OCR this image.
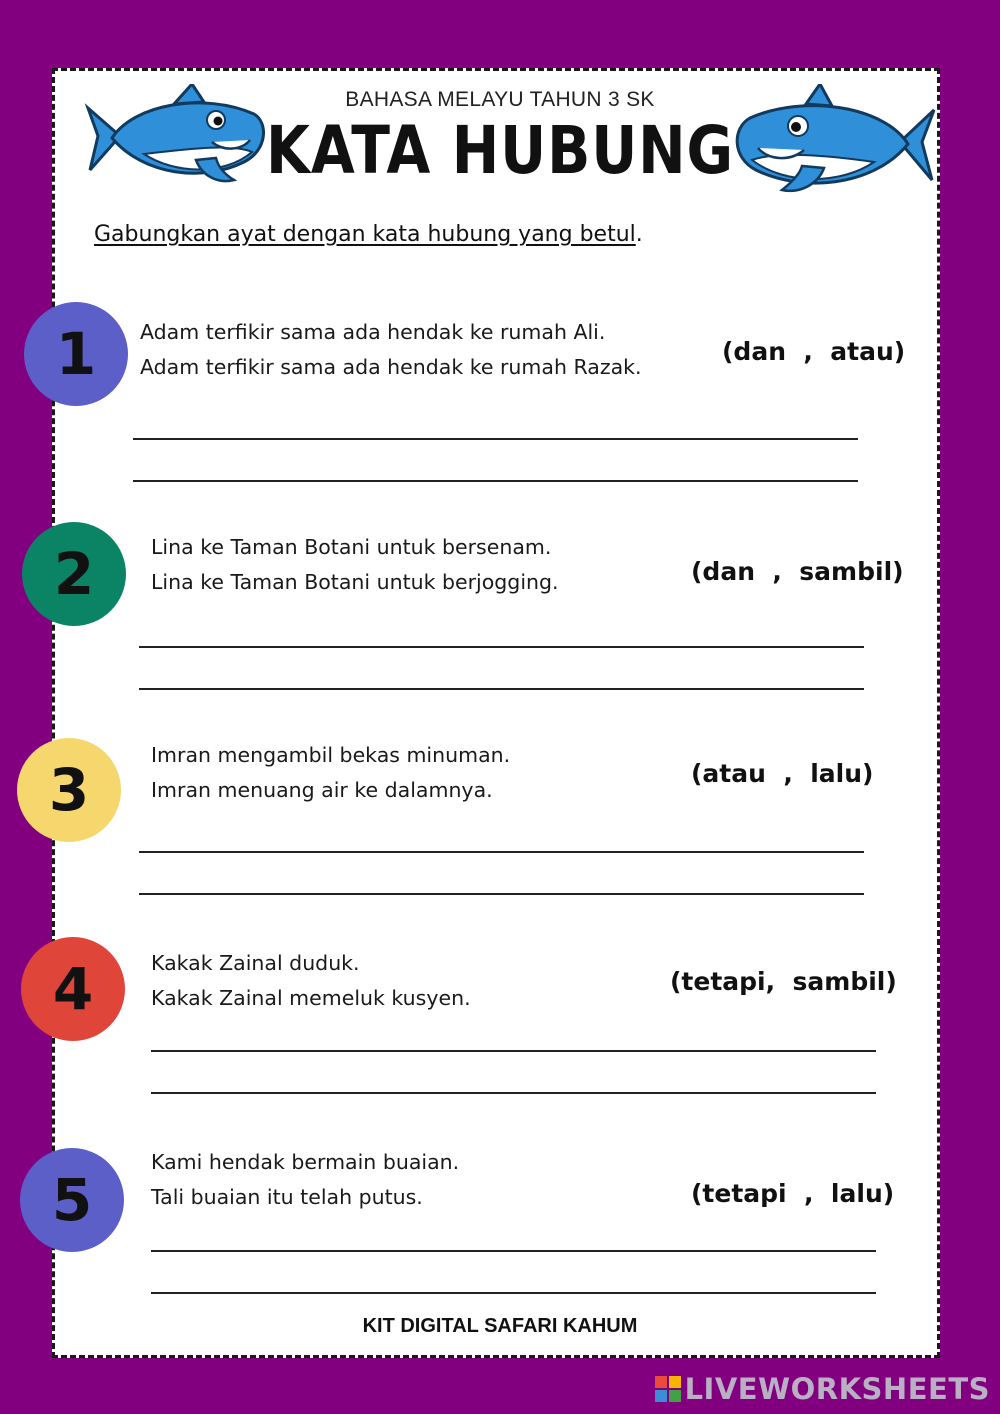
BAHASA MELAYU TAHUN 3 SK
KATA HUBUNG
Gabungkan ayat dengan kata hubung yang betul.
1	Adam terfikir sama ada hendak ke rumah Ali.
Adam terfikir sama ada hendak ke rumah Razak.
(dan  ,  atau)
2	Lina ke Taman Botani untuk bersenam.
Lina ke Taman Botani untuk berjogging.	(dan  ,  sambil)
3
Imran mengambil bekas minuman.
Imran menuang air ke dalamnya.
(atau  ,  lalu)
4	Kakak Zainal duduk.
Kakak Zainal memeluk kusyen.
(tetapi,  sambil)
5
Kami hendak bermain buaian.
Tali buaian itu telah putus.	(tetapi  ,  lalu)
KIT DIGITAL SAFARI KAHUM
LIVEWORKSHEETS
